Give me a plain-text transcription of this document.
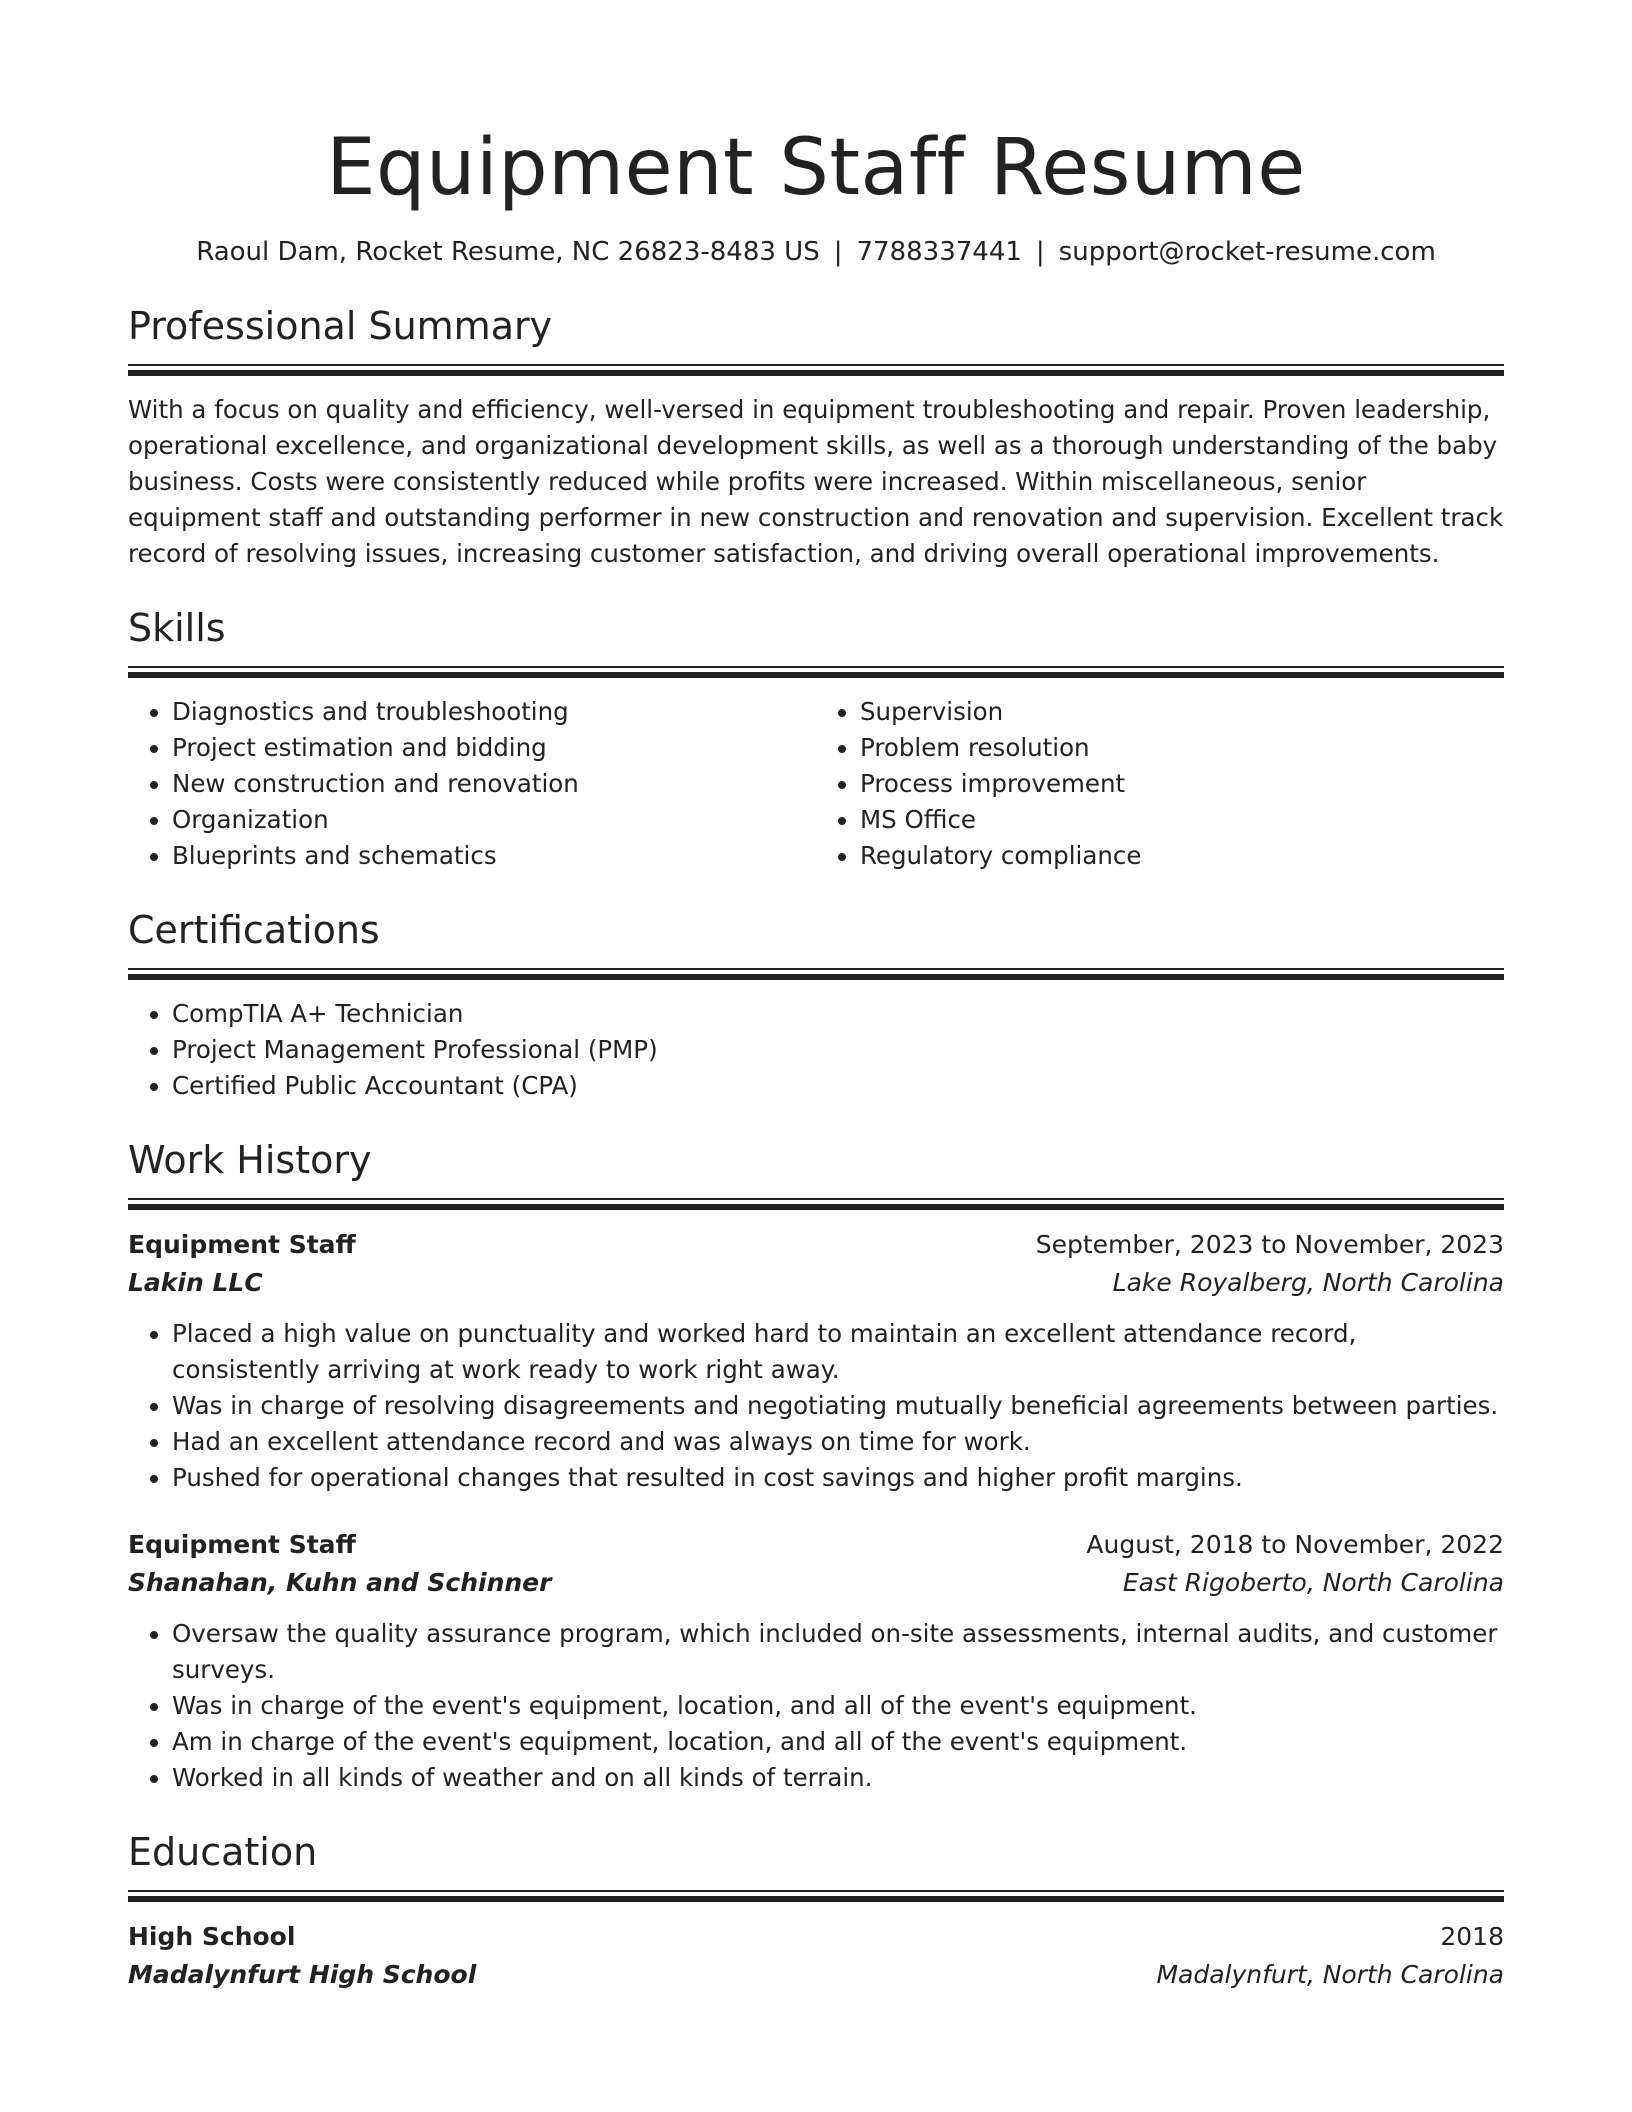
Equipment Staff Resume
Raoul Dam, Rocket Resume, NC 26823-8483 US | 7788337441 | support@rocket-resume.com
Professional Summary
With a focus on quality and efficiency, well-versed in equipment troubleshooting and repair. Proven leadership, operational excellence, and organizational development skills, as well as a thorough understanding of the baby business. Costs were consistently reduced while profits were increased. Within miscellaneous, senior equipment staff and outstanding performer in new construction and renovation and supervision. Excellent track record of resolving issues, increasing customer satisfaction, and driving overall operational improvements.
Skills
• Diagnostics and troubleshooting
• Project estimation and bidding
• New construction and renovation
• Organization
• Blueprints and schematics
• Supervision
• Problem resolution
• Process improvement
• MS Office
• Regulatory compliance
Certifications
• CompTIA A+ Technician
• Project Management Professional (PMP)
• Certified Public Accountant (CPA)
Work History
Equipment Staff	September, 2023 to November, 2023
Lakin LLC	Lake Royalberg, North Carolina
• Placed a high value on punctuality and worked hard to maintain an excellent attendance record, consistently arriving at work ready to work right away.
• Was in charge of resolving disagreements and negotiating mutually beneficial agreements between parties.
• Had an excellent attendance record and was always on time for work.
• Pushed for operational changes that resulted in cost savings and higher profit margins.
Equipment Staff	August, 2018 to November, 2022
Shanahan, Kuhn and Schinner	East Rigoberto, North Carolina
• Oversaw the quality assurance program, which included on-site assessments, internal audits, and customer surveys.
• Was in charge of the event's equipment, location, and all of the event's equipment.
• Am in charge of the event's equipment, location, and all of the event's equipment.
• Worked in all kinds of weather and on all kinds of terrain.
Education
High School	2018
Madalynfurt High School	Madalynfurt, North Carolina
